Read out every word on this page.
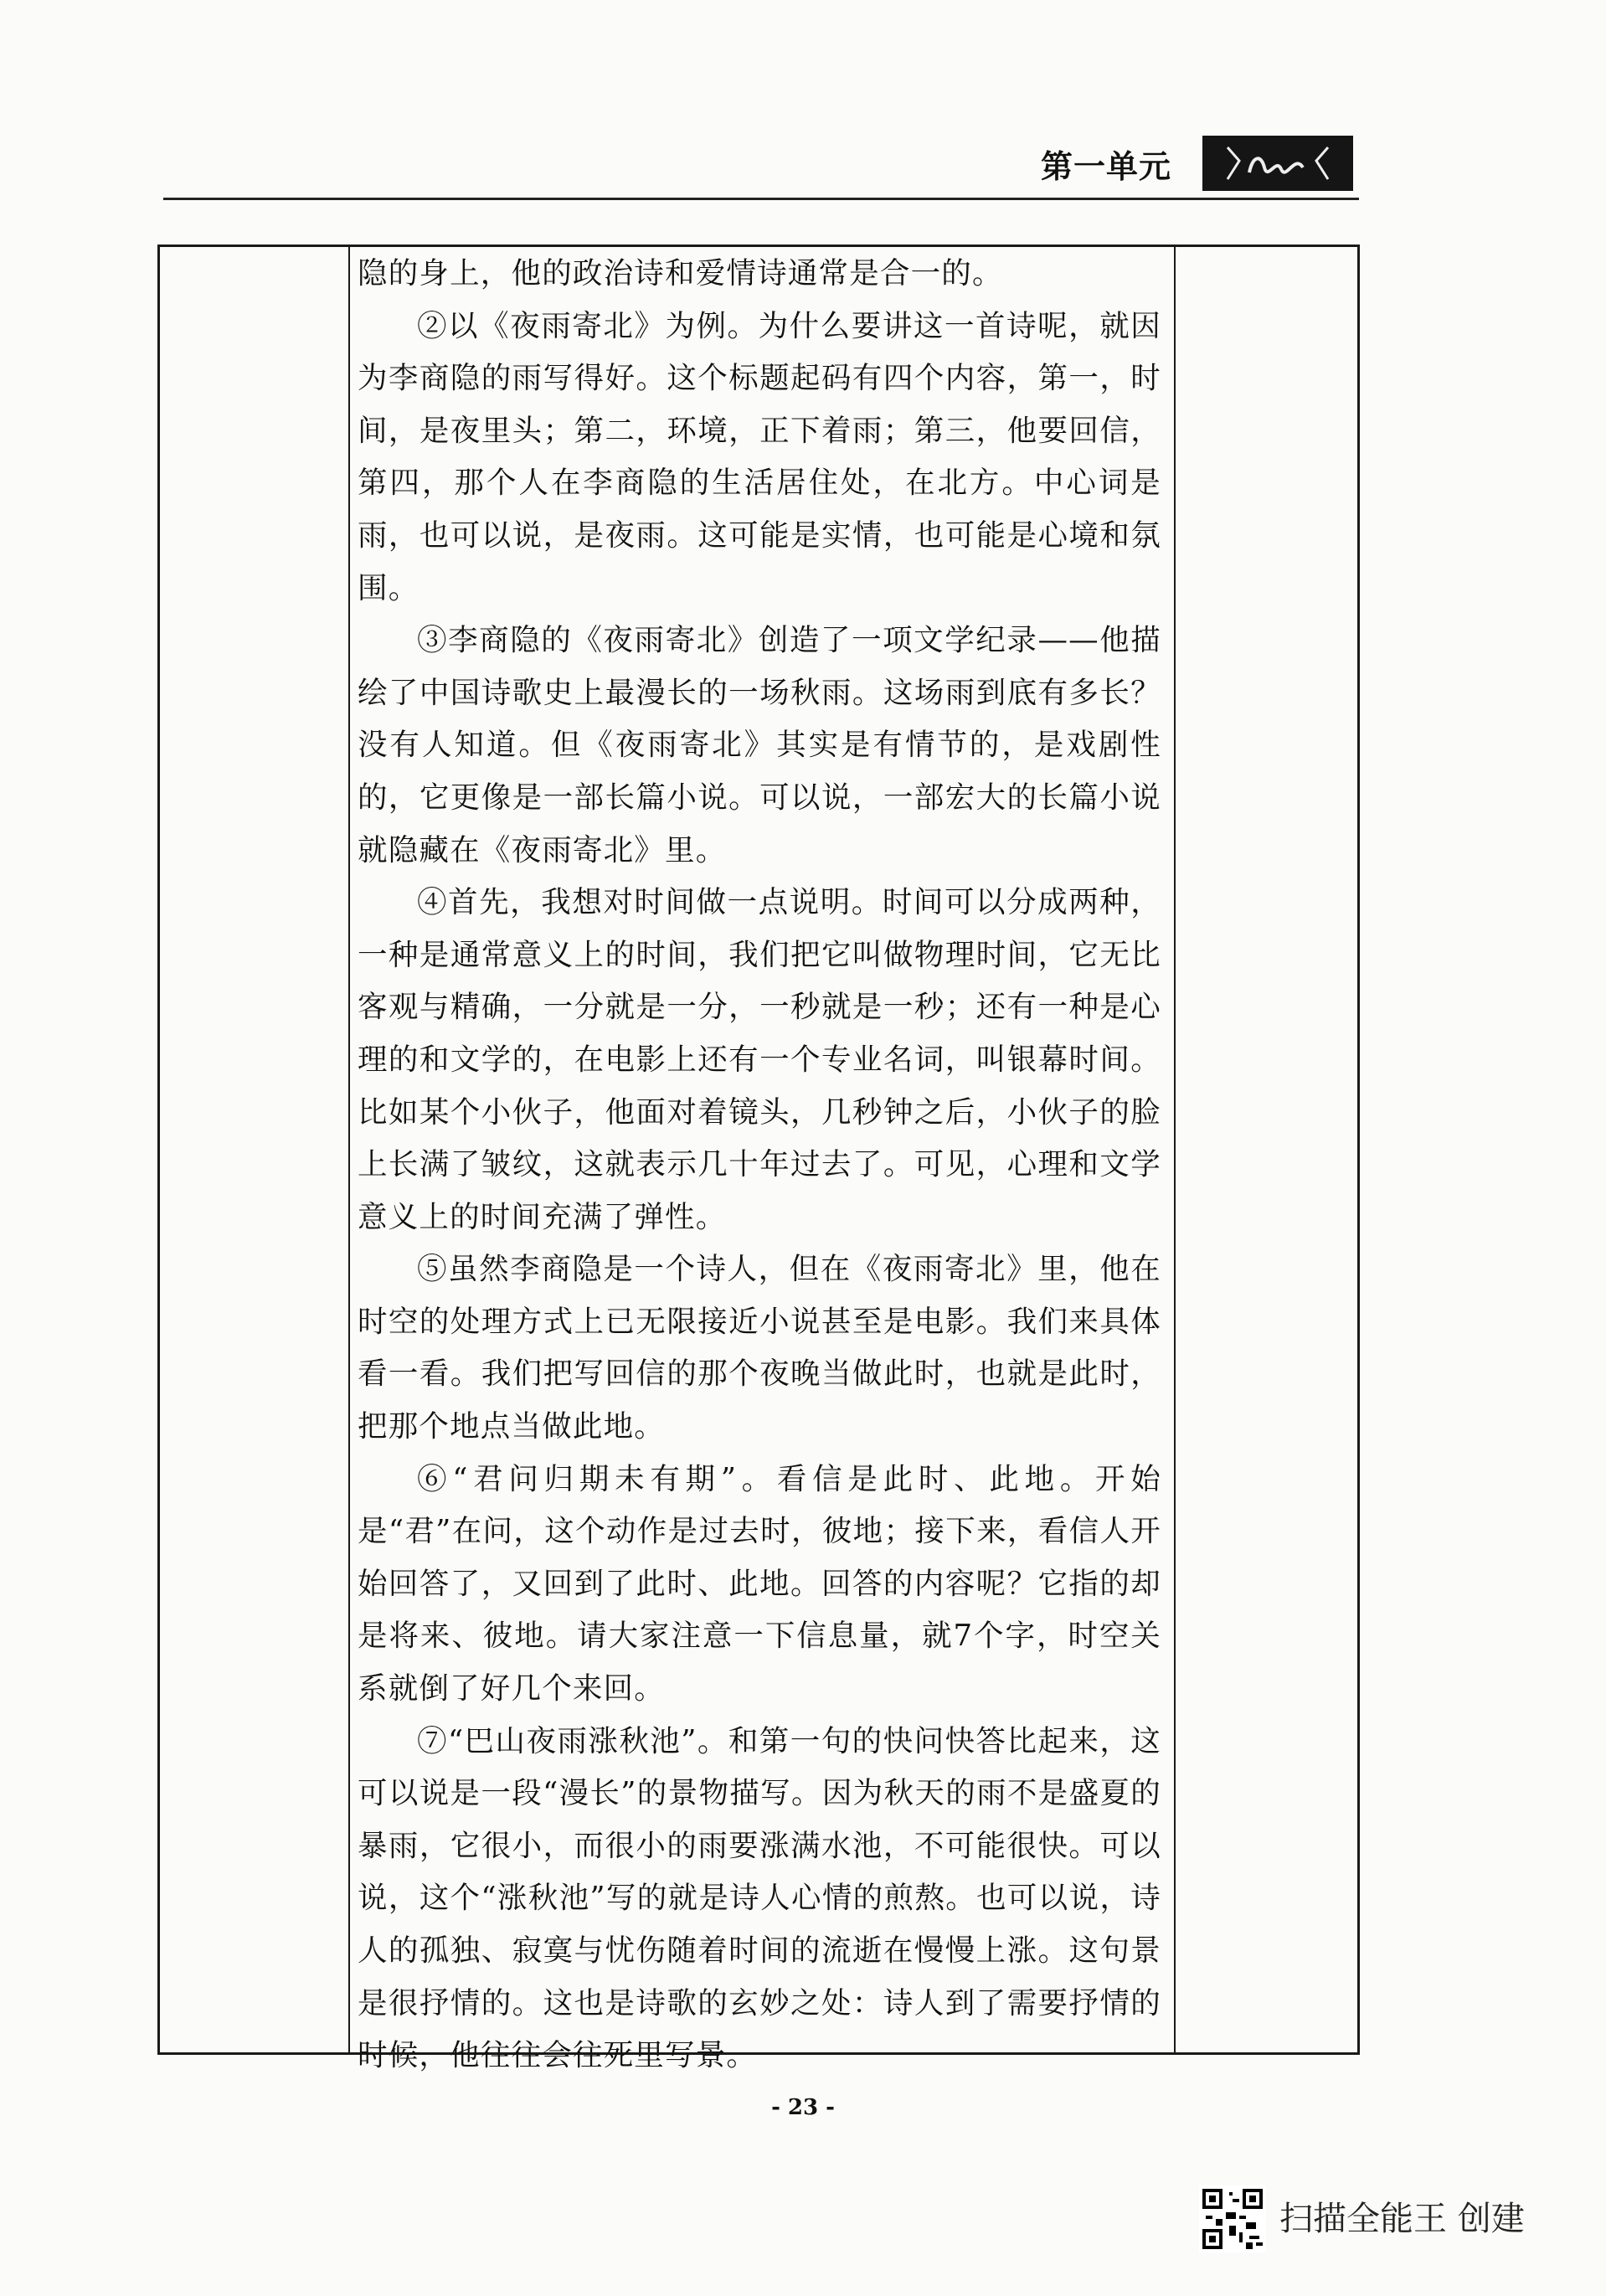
第一单元

隐的身上，他的政治诗和爱情诗通常是合一的。

②以《夜雨寄北》为例。为什么要讲这一首诗呢，就因为李商隐的雨写得好。这个标题起码有四个内容，第一，时间，是夜里头；第二，环境，正下着雨；第三，他要回信，第四，那个人在李商隐的生活居住处，在北方。中心词是雨，也可以说，是夜雨。这可能是实情，也可能是心境和氛围。

③李商隐的《夜雨寄北》创造了一项文学纪录——他描绘了中国诗歌史上最漫长的一场秋雨。这场雨到底有多长？没有人知道。但《夜雨寄北》其实是有情节的，是戏剧性的，它更像是一部长篇小说。可以说，一部宏大的长篇小说就隐藏在《夜雨寄北》里。

④首先，我想对时间做一点说明。时间可以分成两种，一种是通常意义上的时间，我们把它叫做物理时间，它无比客观与精确，一分就是一分，一秒就是一秒；还有一种是心理的和文学的，在电影上还有一个专业名词，叫银幕时间。比如某个小伙子，他面对着镜头，几秒钟之后，小伙子的脸上长满了皱纹，这就表示几十年过去了。可见，心理和文学意义上的时间充满了弹性。

⑤虽然李商隐是一个诗人，但在《夜雨寄北》里，他在时空的处理方式上已无限接近小说甚至是电影。我们来具体看一看。我们把写回信的那个夜晚当做此时，也就是此时，把那个地点当做此地。

⑥“君问归期未有期”。看信是此时、此地。开始是“君”在问，这个动作是过去时，彼地；接下来，看信人开始回答了，又回到了此时、此地。回答的内容呢？它指的却是将来、彼地。请大家注意一下信息量，就7个字，时空关系就倒了好几个来回。

⑦“巴山夜雨涨秋池”。和第一句的快问快答比起来，这可以说是一段“漫长”的景物描写。因为秋天的雨不是盛夏的暴雨，它很小，而很小的雨要涨满水池，不可能很快。可以说，这个“涨秋池”写的就是诗人心情的煎熬。也可以说，诗人的孤独、寂寞与忧伤随着时间的流逝在慢慢上涨。这句景是很抒情的。这也是诗歌的玄妙之处：诗人到了需要抒情的时候，他往往会往死里写景。

- 23 -
扫描全能王 创建
